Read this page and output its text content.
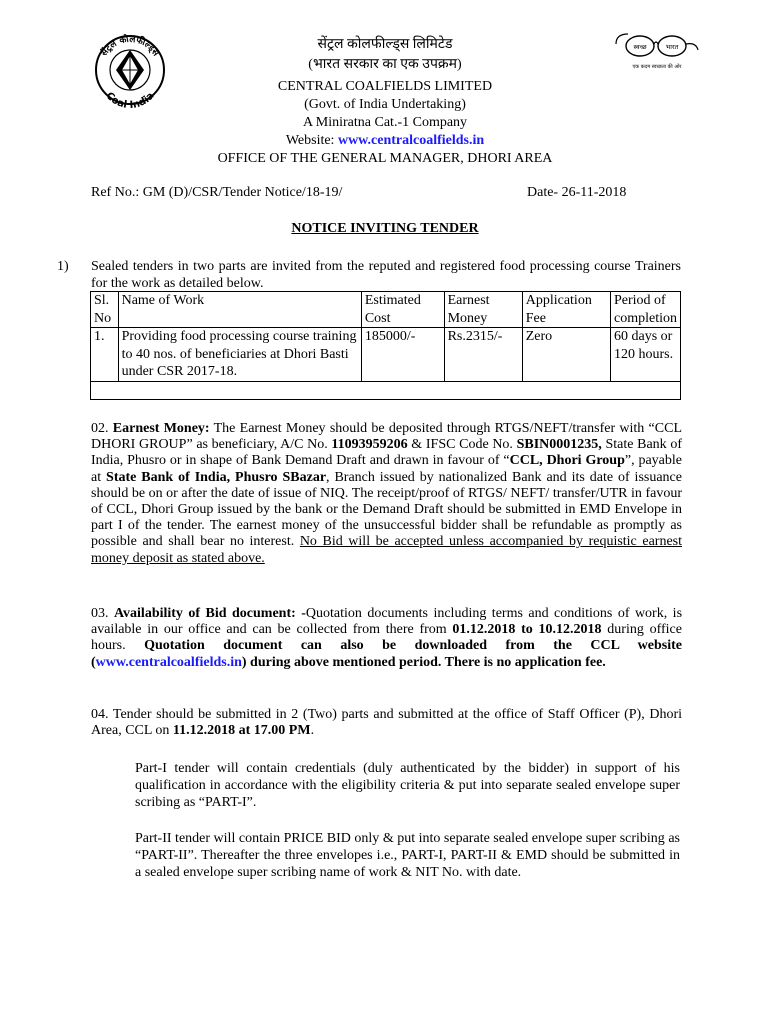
सेंट्रल कोलफील्ड्स
Coal India
स्वच्छ	भारत
एक कदम स्वच्छता की ओर
सेंट्रल कोलफील्ड्स लिमिटेड
(भारत सरकार का एक उपक्रम)
CENTRAL COALFIELDS LIMITED
(Govt. of India Undertaking)
A Miniratna Cat.-1 Company
Website: www.centralcoalfields.in
OFFICE OF THE GENERAL MANAGER, DHORI AREA
Ref No.: GM (D)/CSR/Tender Notice/18-19/	Date- 26-11-2018
NOTICE INVITING TENDER
1) Sealed tenders in two parts are invited from the reputed and registered food processing course Trainers for the work as detailed below.
Sl. No	Name of Work	Estimated Cost	Earnest Money	Application Fee	Period of completion
1.	Providing food processing course training to 40 nos. of beneficiaries at Dhori Basti under CSR 2017-18.	185000/-	Rs.2315/-	Zero	60 days or 120 hours.

02. Earnest Money: The Earnest Money should be deposited through RTGS/NEFT/transfer with “CCL DHORI GROUP” as beneficiary, A/C No. 11093959206 & IFSC Code No. SBIN0001235, State Bank of India, Phusro or in shape of Bank Demand Draft and drawn in favour of “CCL, Dhori Group”, payable at State Bank of India, Phusro SBazar, Branch issued by nationalized Bank and its date of issuance should be on or after the date of issue of NIQ. The receipt/proof of RTGS/ NEFT/ transfer/UTR in favour of CCL, Dhori Group issued by the bank or the Demand Draft should be submitted in EMD Envelope in part I of the tender. The earnest money of the unsuccessful bidder shall be refundable as promptly as possible and shall bear no interest. No Bid will be accepted unless accompanied by requistic earnest money deposit as stated above.
03. Availability of Bid document: -Quotation documents including terms and conditions of work, is available in our office and can be collected from there from 01.12.2018 to 10.12.2018 during office hours. Quotation document can also be downloaded from the CCL website (www.centralcoalfields.in) during above mentioned period. There is no application fee.
04. Tender should be submitted in 2 (Two) parts and submitted at the office of Staff Officer (P), Dhori Area, CCL on 11.12.2018 at 17.00 PM.
Part-I tender will contain credentials (duly authenticated by the bidder) in support of his qualification in accordance with the eligibility criteria & put into separate sealed envelope super scribing as “PART-I”.
Part-II tender will contain PRICE BID only & put into separate sealed envelope super scribing as “PART-II”. Thereafter the three envelopes i.e., PART-I, PART-II & EMD should be submitted in a sealed envelope super scribing name of work & NIT No. with date.
